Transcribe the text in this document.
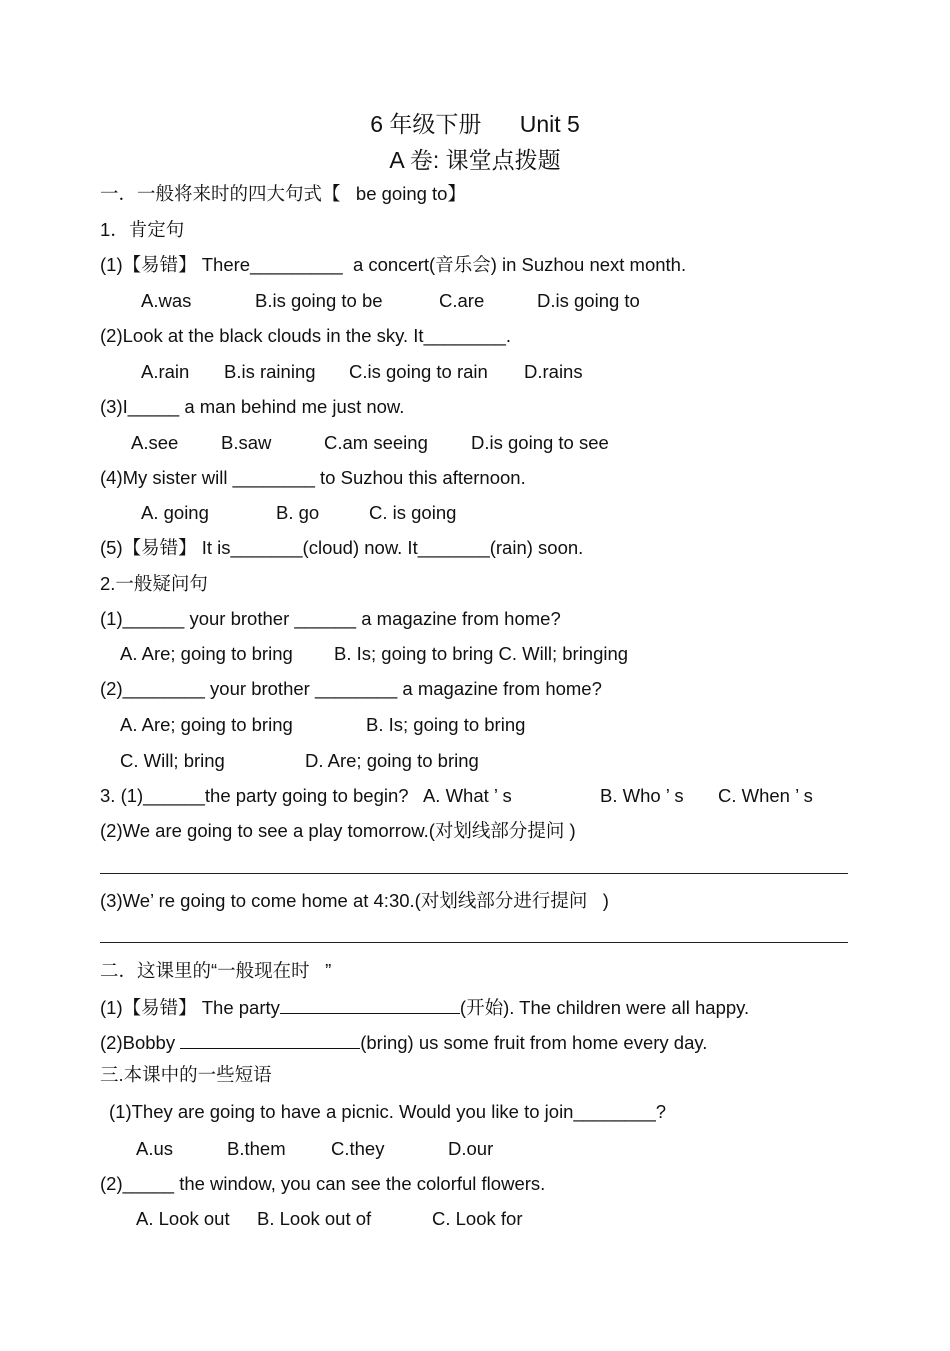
6 年级下册      Unit 5
A 卷: 课堂点拨题
一．一般将来时的四大句式【   be going to】
1．肯定句
(1)【易错】 There_________  a concert(音乐会) in Suzhou next month.
A.was	B.is going to be	C.are	D.is going to
(2)Look at the black clouds in the sky. It________.
A.rain B.is raining C.is going to rain D.rains
(3)I_____ a man behind me just now.
A.see B.saw	C.am seeing D.is going to see
(4)My sister will ________ to Suzhou this afternoon.
A. going	B. go	C. is going
(5)【易错】 It is_______(cloud) now. It_______(rain) soon.
2.一般疑问句
(1)______ your brother ______ a magazine from home?
A. Are; going to bring B. Is; going to bring C. Will; bringing
(2)________ your brother ________ a magazine from home?
A. Are; going to bring	B. Is; going to bring
C. Will; bring	D. Are; going to bring
3. (1)______the party going to begin?   A. What ’ s	B. Who ’ s C. When ’ s
(2)We are going to see a play tomorrow.(对划线部分提问 )
(3)We’ re going to come home at 4:30.(对划线部分进行提问   )
二．这课里的“一般现在时   ”
(1)【易错】 The party	(开始). The children were all happy.
(2)Bobby	(bring) us some fruit from home every day.
三.本课中的一些短语
(1)They are going to have a picnic. Would you like to join________?
A.us	B.them C.they	D.our
(2)_____ the window, you can see the colorful flowers.
A. Look out B. Look out of	C. Look for
